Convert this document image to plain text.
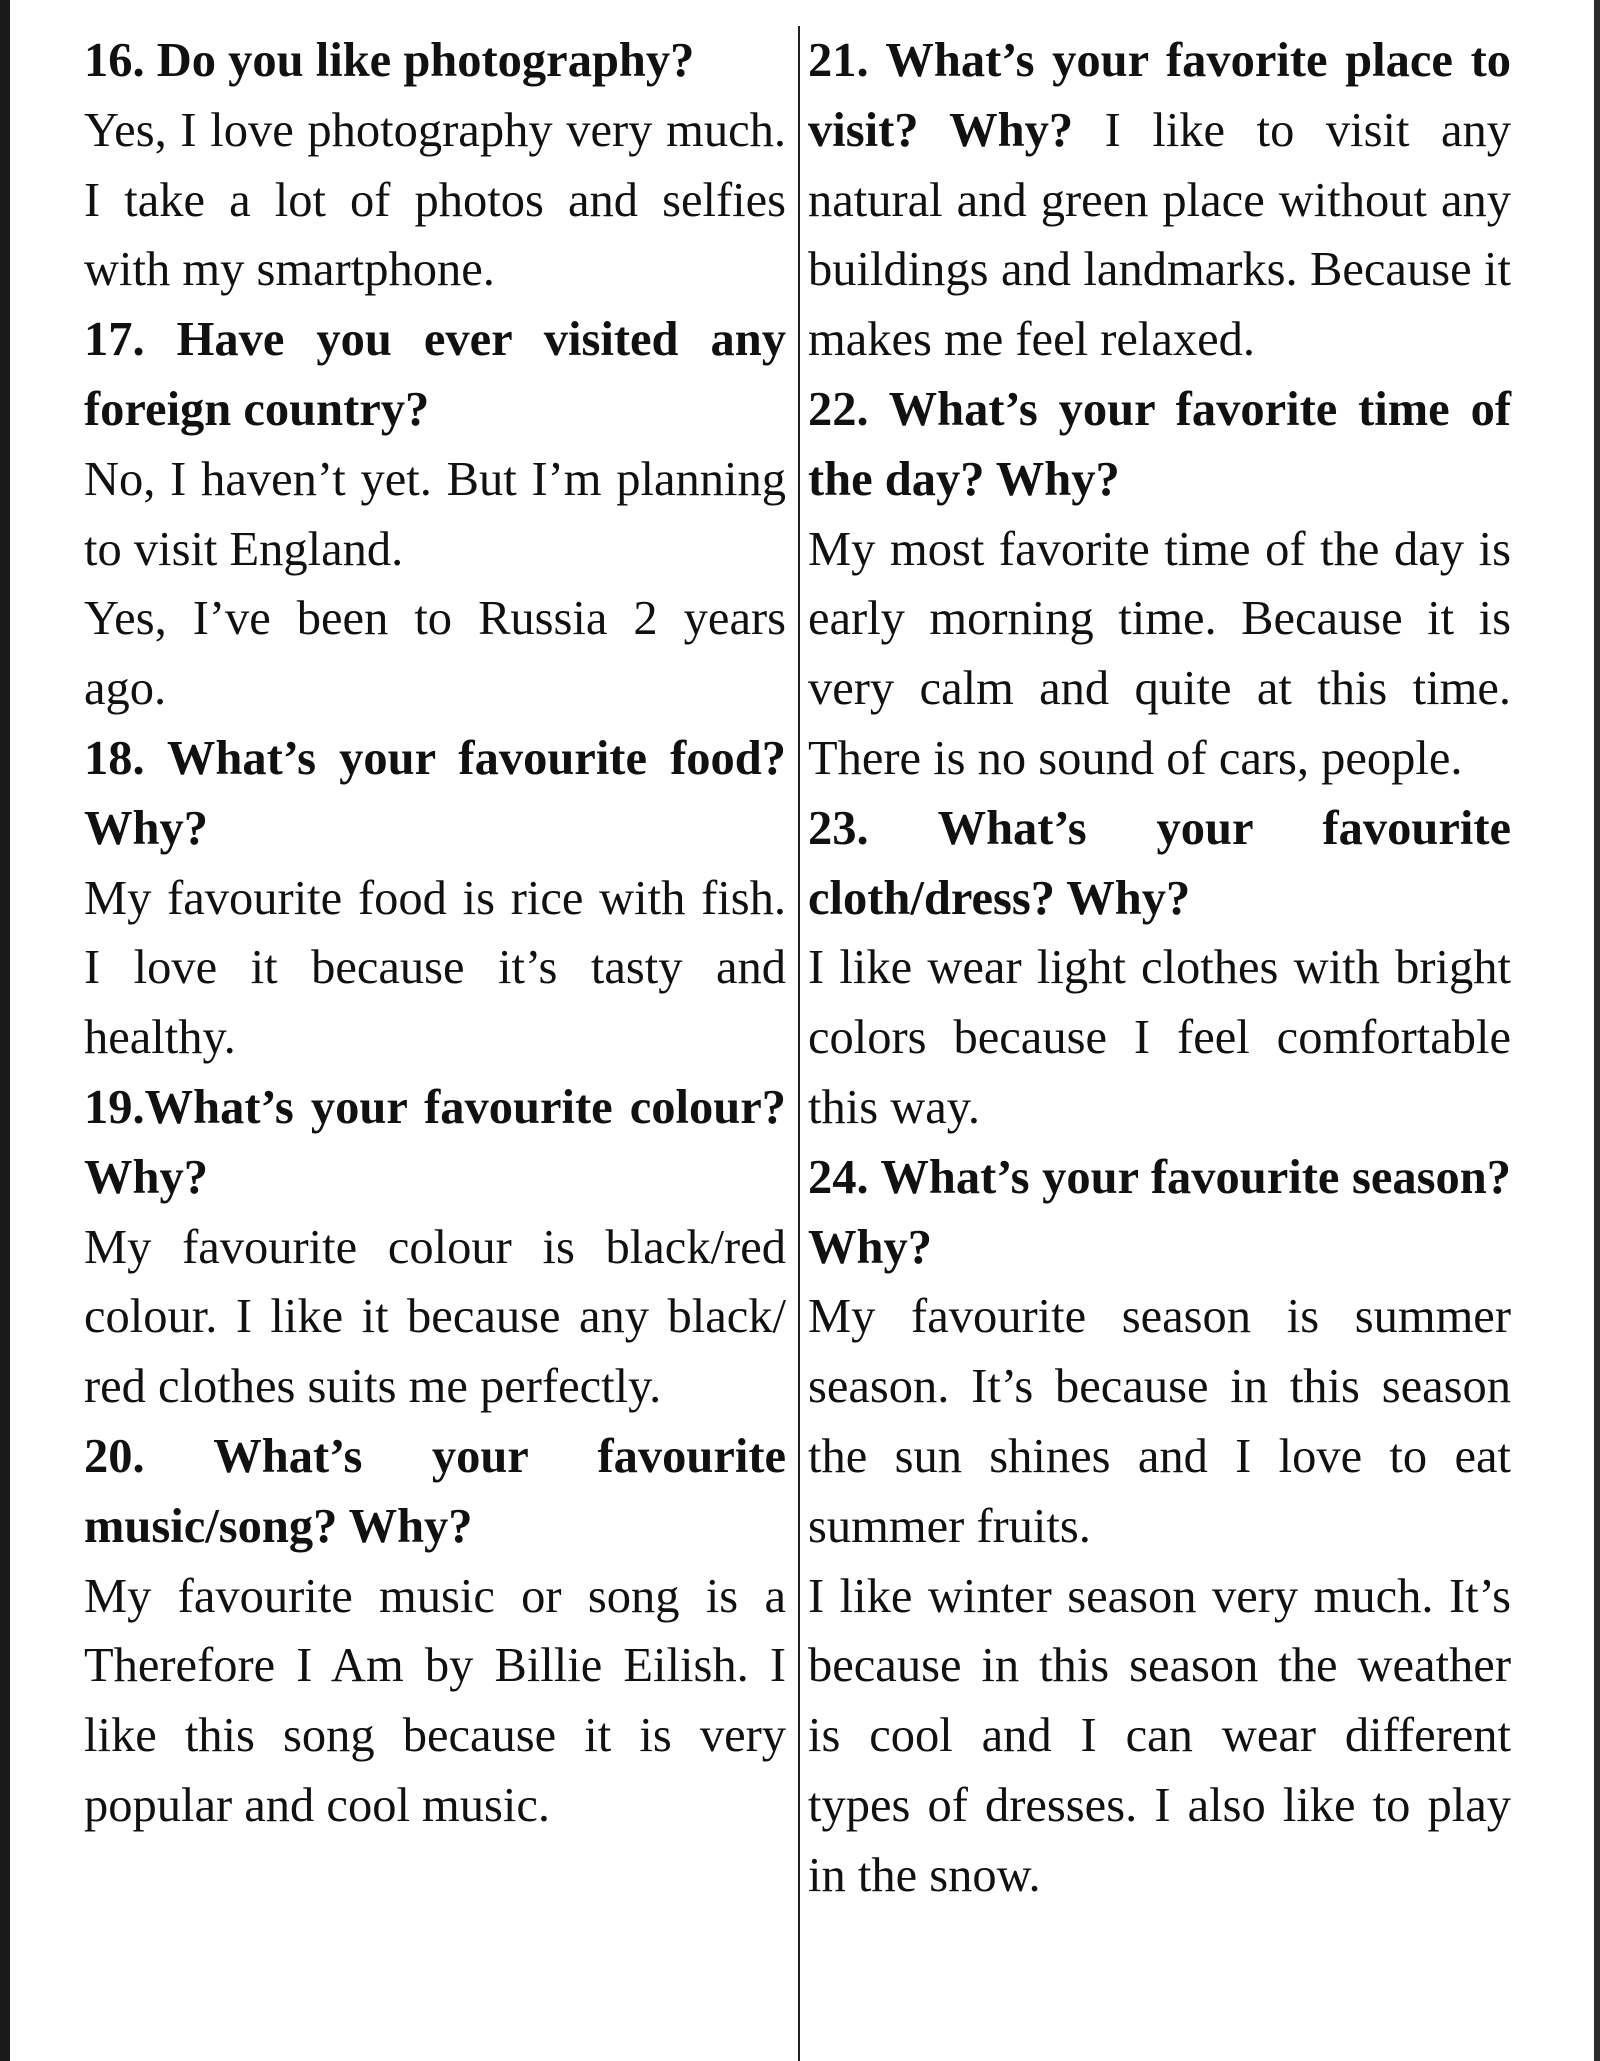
16. Do you like photography?

Yes, I love photography very much. I take a lot of photos and selfies with my smartphone.

17. Have you ever visited any foreign country?

No, I haven’t yet. But I’m planning to visit England.

Yes, I’ve been to Russia 2 years ago.

18. What’s your favourite food? Why?

My favourite food is rice with fish. I love it because it’s tasty and healthy.

19.What’s your favourite colour? Why?

My favourite colour is black/red colour. I like it because any black/ red clothes suits me perfectly.

20. What’s your favourite music/song? Why?

My favourite music or song is a Therefore I Am by Billie Eilish. I like this song because it is very popular and cool music.

21. What’s your favorite place to visit? Why? I like to visit any natural and green place without any buildings and landmarks. Because it makes me feel relaxed.

22. What’s your favorite time of the day? Why?

My most favorite time of the day is early morning time. Because it is very calm and quite at this time. There is no sound of cars, people.

23. What’s your favourite cloth/dress? Why?

I like wear light clothes with bright colors because I feel comfortable this way.

24. What’s your favourite season? Why?

My favourite season is summer season. It’s because in this season the sun shines and I love to eat summer fruits.

I like winter season very much. It’s because in this season the weather is cool and I can wear different types of dresses. I also like to play in the snow.
